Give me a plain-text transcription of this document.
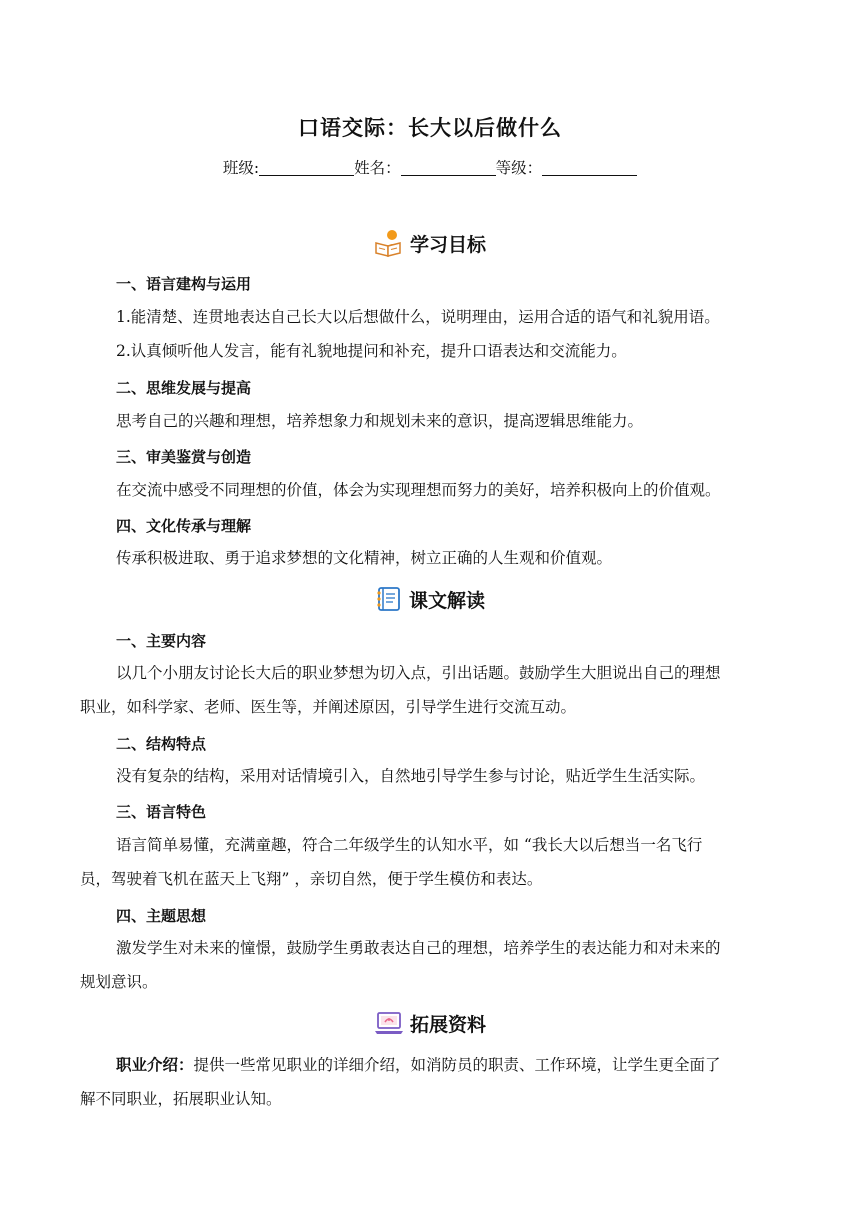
口语交际：长大以后做什么
班级:	姓名：	等级：
学习目标
一、语言建构与运用
1.能清楚、连贯地表达自己长大以后想做什么，说明理由，运用合适的语气和礼貌用语。
2.认真倾听他人发言，能有礼貌地提问和补充，提升口语表达和交流能力。
二、思维发展与提高
思考自己的兴趣和理想，培养想象力和规划未来的意识，提高逻辑思维能力。
三、审美鉴赏与创造
在交流中感受不同理想的价值，体会为实现理想而努力的美好，培养积极向上的价值观。
四、文化传承与理解
传承积极进取、勇于追求梦想的文化精神，树立正确的人生观和价值观。
课文解读
一、主要内容
以几个小朋友讨论长大后的职业梦想为切入点，引出话题。鼓励学生大胆说出自己的理想
职业，如科学家、老师、医生等，并阐述原因，引导学生进行交流互动。
二、结构特点
没有复杂的结构，采用对话情境引入，自然地引导学生参与讨论，贴近学生生活实际。
三、语言特色
语言简单易懂，充满童趣，符合二年级学生的认知水平，如 “我长大以后想当一名飞行
员，驾驶着飞机在蓝天上飞翔” ，亲切自然，便于学生模仿和表达。
四、主题思想
激发学生对未来的憧憬，鼓励学生勇敢表达自己的理想，培养学生的表达能力和对未来的
规划意识。
拓展资料
职业介绍：提供一些常见职业的详细介绍，如消防员的职责、工作环境，让学生更全面了
解不同职业，拓展职业认知。
